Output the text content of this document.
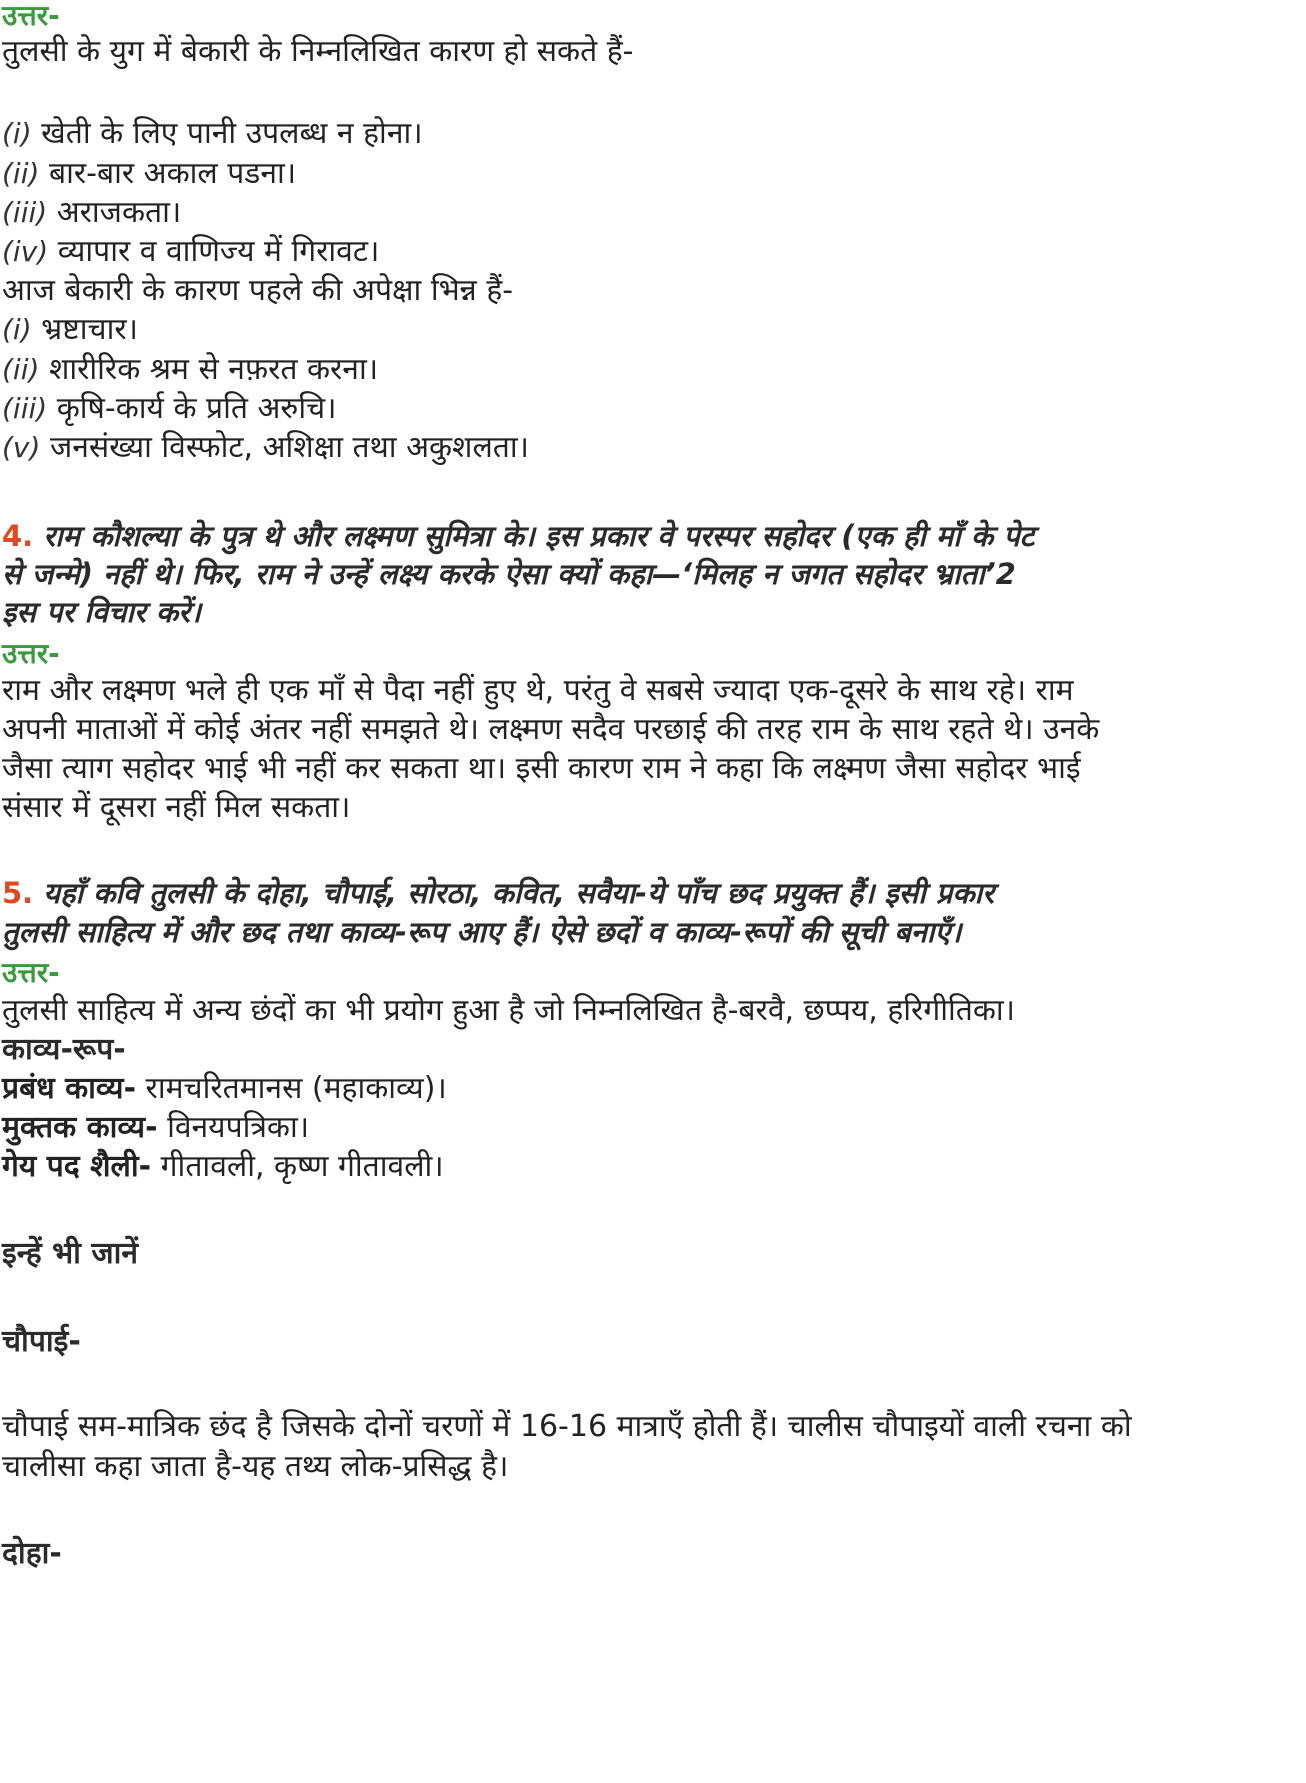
उत्तर-

तुलसी के युग में बेकारी के निम्नलिखित कारण हो सकते हैं-

(i) खेती के लिए पानी उपलब्ध न होना।

(ii) बार-बार अकाल पडना।

(iii) अराजकता।

(iv) व्यापार व वाणिज्य में गिरावट।

आज बेकारी के कारण पहले की अपेक्षा भिन्न हैं-

(i) भ्रष्टाचार।

(ii) शारीरिक श्रम से नफ़रत करना।

(iii) कृषि-कार्य के प्रति अरुचि।

(v) जनसंख्या विस्फोट, अशिक्षा तथा अकुशलता।

4. राम कौशल्या के पुत्र थे और लक्ष्मण सुमित्रा के। इस प्रकार वे परस्पर सहोदर (एक ही माँ के पेट

से जन्मे) नहीं थे। फिर, राम ने उन्हें लक्ष्य करके ऐसा क्यों कहा—‘मिलह न जगत सहोदर भ्राता’2

इस पर विचार करें।

उत्तर-

राम और लक्ष्मण भले ही एक माँ से पैदा नहीं हुए थे, परंतु वे सबसे ज्यादा एक-दूसरे के साथ रहे। राम

अपनी माताओं में कोई अंतर नहीं समझते थे। लक्ष्मण सदैव परछाई की तरह राम के साथ रहते थे। उनके

जैसा त्याग सहोदर भाई भी नहीं कर सकता था। इसी कारण राम ने कहा कि लक्ष्मण जैसा सहोदर भाई

संसार में दूसरा नहीं मिल सकता।

5. यहाँ कवि तुलसी के दोहा, चौपाई, सोरठा, कवित, सवैया-ये पाँच छद प्रयुक्त हैं। इसी प्रकार

तुलसी साहित्य में और छद तथा काव्य-रूप आए हैं। ऐसे छदों व काव्य-रूपों की सूची बनाएँ।

उत्तर-

तुलसी साहित्य में अन्य छंदों का भी प्रयोग हुआ है जो निम्नलिखित है-बरवै, छप्पय, हरिगीतिका।

काव्य-रूप-

प्रबंध काव्य- रामचरितमानस (महाकाव्य)।

मुक्तक काव्य- विनयपत्रिका।

गेय पद शैली- गीतावली, कृष्ण गीतावली।

इन्हें भी जानें

चौपाई-

चौपाई सम-मात्रिक छंद है जिसके दोनों चरणों में 16-16 मात्राएँ होती हैं। चालीस चौपाइयों वाली रचना को

चालीसा कहा जाता है-यह तथ्य लोक-प्रसिद्ध है।

दोहा-
